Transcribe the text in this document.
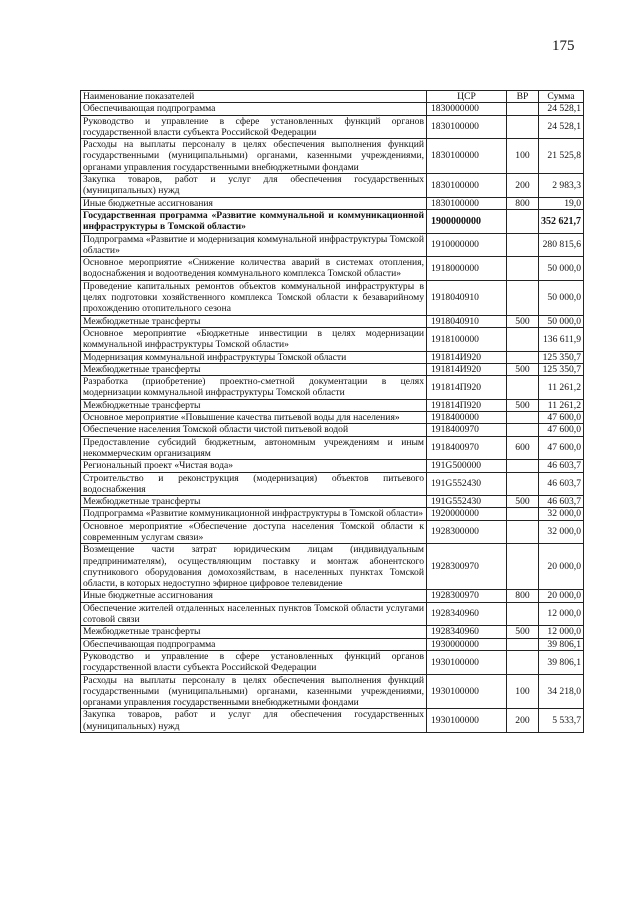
175
Наименование показателей	ЦСР	ВР	Сумма
Обеспечивающая подпрограмма	1830000000		24 528,1
Руководство и управление в сфере установленных функций органов государственной власти субъекта Российской Федерации	1830100000		24 528,1
Расходы на выплаты персоналу в целях обеспечения выполнения функций государственными (муниципальными) органами, казенными учреждениями, органами управления государственными внебюджетными фондами	1830100000	100	21 525,8
Закупка товаров, работ и услуг для обеспечения государственных (муниципальных) нужд	1830100000	200	2 983,3
Иные бюджетные ассигнования	1830100000	800	19,0
Государственная программа «Развитие коммунальной и коммуникационной инфраструктуры в Томской области»	1900000000		352 621,7
Подпрограмма «Развитие и модернизация коммунальной инфраструктуры Томской области»	1910000000		280 815,6
Основное мероприятие «Снижение количества аварий в системах отопления, водоснабжения и водоотведения коммунального комплекса Томской области»	1918000000		50 000,0
Проведение капитальных ремонтов объектов коммунальной инфраструктуры в целях подготовки хозяйственного комплекса Томской области к безаварийному прохождению отопительного сезона	1918040910		50 000,0
Межбюджетные трансферты	1918040910	500	50 000,0
Основное мероприятие «Бюджетные инвестиции в целях модернизации коммунальной инфраструктуры Томской области»	1918100000		136 611,9
Модернизация коммунальной инфраструктуры Томской области	191814И920		125 350,7
Межбюджетные трансферты	191814И920	500	125 350,7
Разработка (приобретение) проектно-сметной документации в целях модернизации коммунальной инфраструктуры Томской области	191814П920		11 261,2
Межбюджетные трансферты	191814П920	500	11 261,2
Основное мероприятие «Повышение качества питьевой воды для населения»	1918400000		47 600,0
Обеспечение населения Томской области чистой питьевой водой	1918400970		47 600,0
Предоставление субсидий бюджетным, автономным учреждениям и иным некоммерческим организациям	1918400970	600	47 600,0
Региональный проект «Чистая вода»	191G500000		46 603,7
Строительство и реконструкция (модернизация) объектов питьевого водоснабжения	191G552430		46 603,7
Межбюджетные трансферты	191G552430	500	46 603,7
Подпрограмма «Развитие коммуникационной инфраструктуры в Томской области»	1920000000		32 000,0
Основное мероприятие «Обеспечение доступа населения Томской области к современным услугам связи»	1928300000		32 000,0
Возмещение части затрат юридическим лицам (индивидуальным предпринимателям), осуществляющим поставку и монтаж абонентского спутникового оборудования домохозяйствам, в населенных пунктах Томской области, в которых недоступно эфирное цифровое телевидение	1928300970		20 000,0
Иные бюджетные ассигнования	1928300970	800	20 000,0
Обеспечение жителей отдаленных населенных пунктов Томской области услугами сотовой связи	1928340960		12 000,0
Межбюджетные трансферты	1928340960	500	12 000,0
Обеспечивающая подпрограмма	1930000000		39 806,1
Руководство и управление в сфере установленных функций органов государственной власти субъекта Российской Федерации	1930100000		39 806,1
Расходы на выплаты персоналу в целях обеспечения выполнения функций государственными (муниципальными) органами, казенными учреждениями, органами управления государственными внебюджетными фондами	1930100000	100	34 218,0
Закупка товаров, работ и услуг для обеспечения государственных (муниципальных) нужд	1930100000	200	5 533,7
